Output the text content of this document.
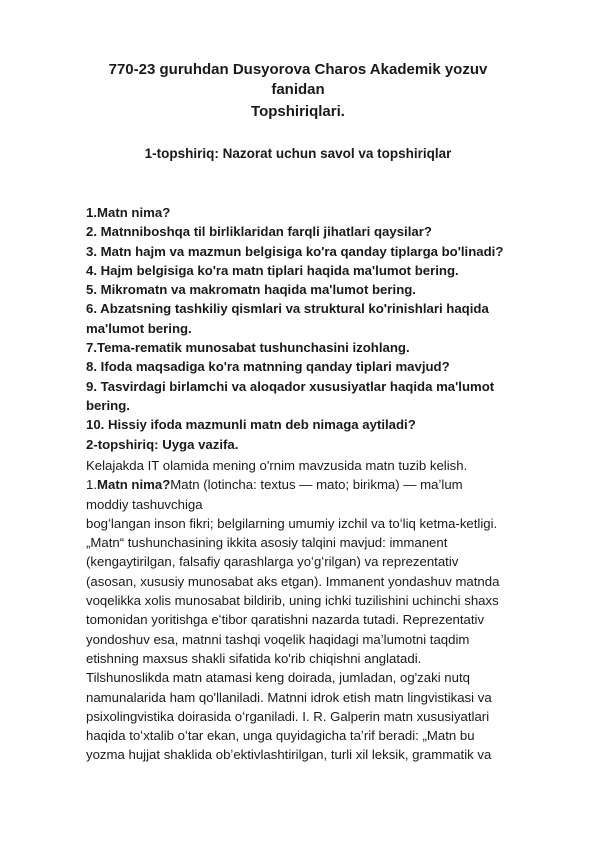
770-23 guruhdan Dusyorova Charos Akademik yozuv
fanidan
Topshiriqlari.
1-topshiriq: Nazorat uchun savol va topshiriqlar
1.Matn nima?
2. Matnniboshqa til birliklaridan farqli jihatlari qaysilar?
3. Matn hajm va mazmun belgisiga ko'ra qanday tiplarga bo'linadi?
4. Hajm belgisiga ko'ra matn tiplari haqida ma'lumot bering.
5. Mikromatn va makromatn haqida ma'lumot bering.
6. Abzatsning tashkiliy qismlari va struktural ko'rinishlari haqida
ma'lumot bering.
7.Tema-rematik munosabat tushunchasini izohlang.
8. Ifoda maqsadiga ko'ra matnning qanday tiplari mavjud?
9. Tasvirdagi birlamchi va aloqador xususiyatlar haqida ma'lumot
bering.
10. Hissiy ifoda mazmunli matn deb nimaga aytiladi?
2-topshiriq: Uyga vazifa.
Kelajakda IT olamida mening o'rnim mavzusida matn tuzib kelish.
1.Matn nima?Matn (lotincha: textus — mato; birikma) — maʼlum
moddiy tashuvchiga
bogʻlangan inson fikri; belgilarning umumiy izchil va toʻliq ketma-ketligi.
„Matn“ tushunchasining ikkita asosiy talqini mavjud: immanent
(kengaytirilgan, falsafiy qarashlarga yoʻgʻrilgan) va reprezentativ
(asosan, xususiy munosabat aks etgan). Immanent yondashuv matnda
voqelikka xolis munosabat bildirib, uning ichki tuzilishini uchinchi shaxs
tomonidan yoritishga eʻtibor qaratishni nazarda tutadi. Reprezentativ
yondoshuv esa, matnni tashqi voqelik haqidagi maʼlumotni taqdim
etishning maxsus shakli sifatida ko'rib chiqishni anglatadi.
Tilshunoslikda matn atamasi keng doirada, jumladan, og'zaki nutq
namunalarida ham qo'llaniladi. Matnni idrok etish matn lingvistikasi va
psixolingvistika doirasida oʻrganiladi. I. R. Galperin matn xususiyatlari
haqida toʻxtalib oʻtar ekan, unga quyidagicha taʼrif beradi: „Matn bu
yozma hujjat shaklida obʼektivlashtirilgan, turli xil leksik, grammatik va
